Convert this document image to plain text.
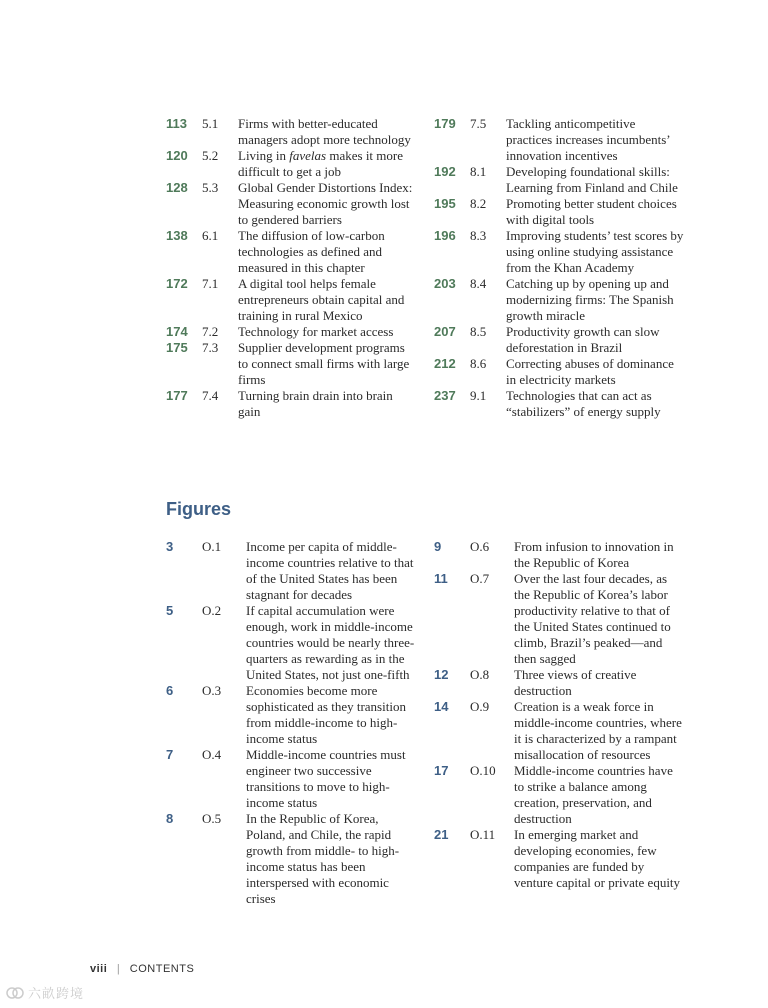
113 5.1 Firms with better-educated managers adopt more technology
120 5.2 Living in favelas makes it more difficult to get a job
128 5.3 Global Gender Distortions Index: Measuring economic growth lost to gendered barriers
138 6.1 The diffusion of low-carbon technologies as defined and measured in this chapter
172 7.1 A digital tool helps female entrepreneurs obtain capital and training in rural Mexico
174 7.2 Technology for market access
175 7.3 Supplier development programs to connect small firms with large firms
177 7.4 Turning brain drain into brain gain
179 7.5 Tackling anticompetitive practices increases incumbents’ innovation incentives
192 8.1 Developing foundational skills: Learning from Finland and Chile
195 8.2 Promoting better student choices with digital tools
196 8.3 Improving students’ test scores by using online studying assistance from the Khan Academy
203 8.4 Catching up by opening up and modernizing firms: The Spanish growth miracle
207 8.5 Productivity growth can slow deforestation in Brazil
212 8.6 Correcting abuses of dominance in electricity markets
237 9.1 Technologies that can act as “stabilizers” of energy supply
Figures
3 O.1 Income per capita of middle-income countries relative to that of the United States has been stagnant for decades
5 O.2 If capital accumulation were enough, work in middle-income countries would be nearly three-quarters as rewarding as in the United States, not just one-fifth
6 O.3 Economies become more sophisticated as they transition from middle-income to high-income status
7 O.4 Middle-income countries must engineer two successive transitions to move to high-income status
8 O.5 In the Republic of Korea, Poland, and Chile, the rapid growth from middle- to high-income status has been interspersed with economic crises
9 O.6 From infusion to innovation in the Republic of Korea
11 O.7 Over the last four decades, as the Republic of Korea’s labor productivity relative to that of the United States continued to climb, Brazil’s peaked—and then sagged
12 O.8 Three views of creative destruction
14 O.9 Creation is a weak force in middle-income countries, where it is characterized by a rampant misallocation of resources
17 O.10 Middle-income countries have to strike a balance among creation, preservation, and destruction
21 O.11 In emerging market and developing economies, few companies are funded by venture capital or private equity
viii | CONTENTS
六畝跨境
